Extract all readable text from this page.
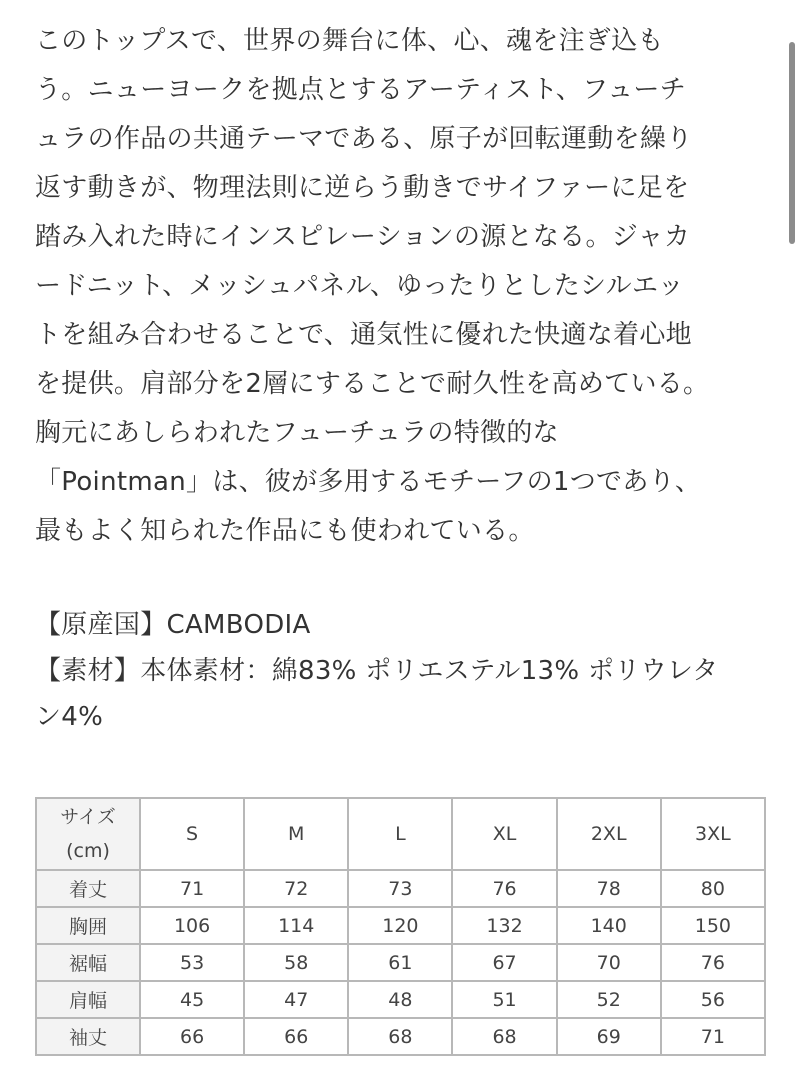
このトップスで、世界の舞台に体、心、魂を注ぎ込も
う。ニューヨークを拠点とするアーティスト、フューチ
ュラの作品の共通テーマである、原子が回転運動を繰り
返す動きが、物理法則に逆らう動きでサイファーに足を
踏み入れた時にインスピレーションの源となる。ジャカ
ードニット、メッシュパネル、ゆったりとしたシルエッ
トを組み合わせることで、通気性に優れた快適な着心地
を提供。肩部分を2層にすることで耐久性を高めている。
胸元にあしらわれたフューチュラの特徴的な
「Pointman」は、彼が多用するモチーフの1つであり、
最もよく知られた作品にも使われている。
【原産国】CAMBODIA
【素材】本体素材：綿83% ポリエステル13% ポリウレタ
ン4%
サイズ
(cm)	S	M	L	XL	2XL	3XL
着丈	71	72	73	76	78	80
胸囲	106	114	120	132	140	150
裾幅	53	58	61	67	70	76
肩幅	45	47	48	51	52	56
袖丈	66	66	68	68	69	71
